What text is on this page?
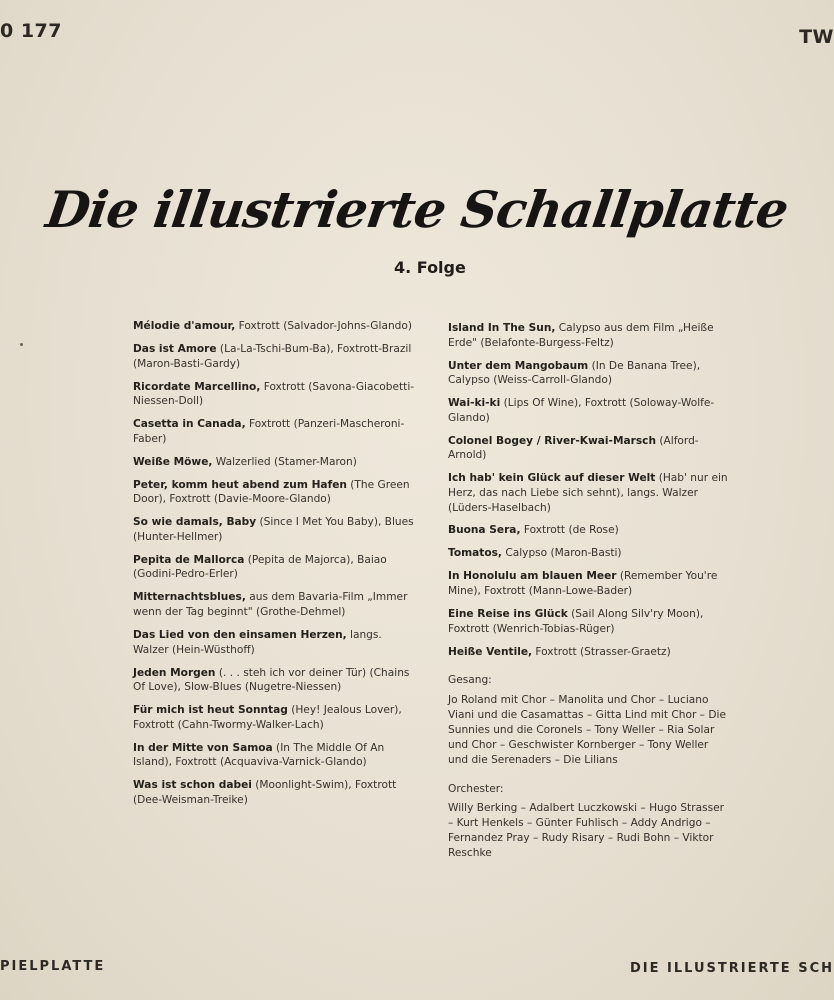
0 177	TW
Die illustrierte Schallplatte
4. Folge
Mélodie d'amour, Foxtrott (Salvador-Johns-Glando)
Das ist Amore (La-La-Tschi-Bum-Ba), Foxtrott-Brazil (Maron-Basti-Gardy)
Ricordate Marcellino, Foxtrott (Savona-Giacobetti-Niessen-Doll)
Casetta in Canada, Foxtrott (Panzeri-Mascheroni-Faber)
Weiße Möwe, Walzerlied (Stamer-Maron)
Peter, komm heut abend zum Hafen (The Green Door), Foxtrott (Davie-Moore-Glando)
So wie damals, Baby (Since I Met You Baby), Blues (Hunter-Hellmer)
Pepita de Mallorca (Pepita de Majorca), Baiao (Godini-Pedro-Erler)
Mitternachtsblues, aus dem Bavaria-Film „Immer wenn der Tag beginnt" (Grothe-Dehmel)
Das Lied von den einsamen Herzen, langs. Walzer (Hein-Wüsthoff)
Jeden Morgen (. . . steh ich vor deiner Tür) (Chains Of Love), Slow-Blues (Nugetre-Niessen)
Für mich ist heut Sonntag (Hey! Jealous Lover), Foxtrott (Cahn-Twormy-Walker-Lach)
In der Mitte von Samoa (In The Middle Of An Island), Foxtrott (Acquaviva-Varnick-Glando)
Was ist schon dabei (Moonlight-Swim), Foxtrott (Dee-Weisman-Treike)
Island In The Sun, Calypso aus dem Film „Heiße Erde" (Belafonte-Burgess-Feltz)
Unter dem Mangobaum (In De Banana Tree), Calypso (Weiss-Carroll-Glando)
Wai-ki-ki (Lips Of Wine), Foxtrott (Soloway-Wolfe-Glando)
Colonel Bogey / River-Kwai-Marsch (Alford-Arnold)
Ich hab' kein Glück auf dieser Welt (Hab' nur ein Herz, das nach Liebe sich sehnt), langs. Walzer (Lüders-Haselbach)
Buona Sera, Foxtrott (de Rose)
Tomatos, Calypso (Maron-Basti)
In Honolulu am blauen Meer (Remember You're Mine), Foxtrott (Mann-Lowe-Bader)
Eine Reise ins Glück (Sail Along Silv'ry Moon), Foxtrott (Wenrich-Tobias-Rüger)
Heiße Ventile, Foxtrott (Strasser-Graetz)
Gesang:
Jo Roland mit Chor – Manolita und Chor – Luciano Viani und die Casamattas – Gitta Lind mit Chor – Die Sunnies und die Coronels – Tony Weller – Ria Solar und Chor – Geschwister Kornberger – Tony Weller und die Serenaders – Die Lilians
Orchester:
Willy Berking – Adalbert Luczkowski – Hugo Strasser – Kurt Henkels – Günter Fuhlisch – Addy Andrigo – Fernandez Pray – Rudy Risary – Rudi Bohn – Viktor Reschke
PIELPLATTE	DIE ILLUSTRIERTE SCH
